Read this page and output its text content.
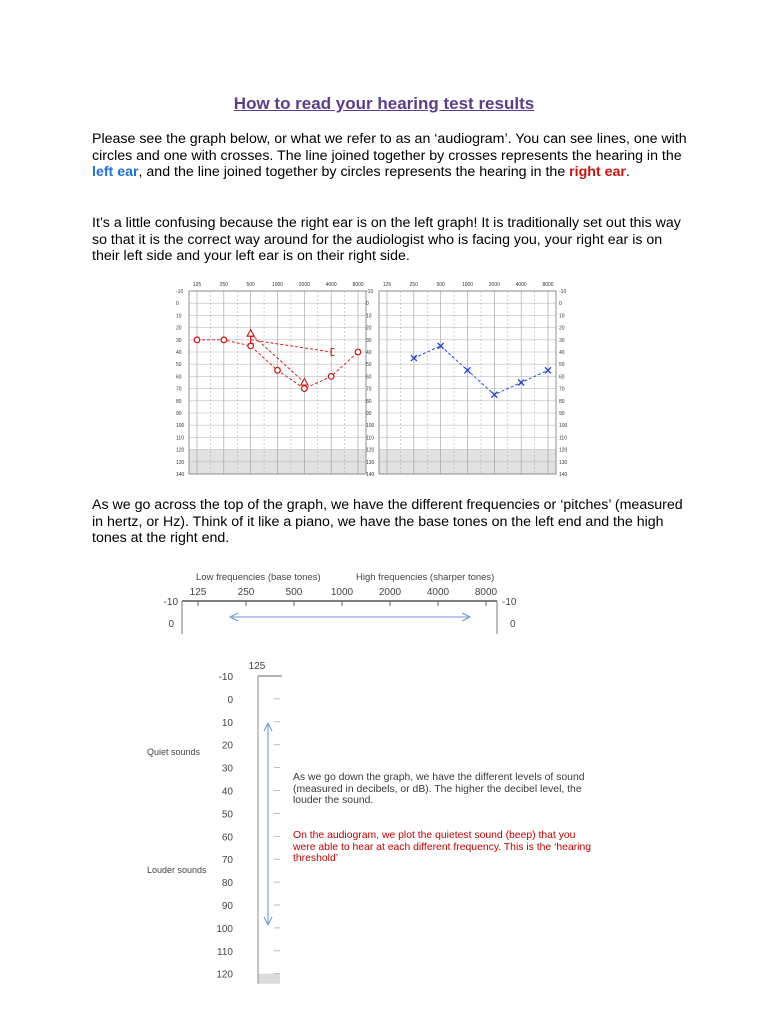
How to read your hearing test results
Please see the graph below, or what we refer to as an ‘audiogram’. You can see lines, one with circles and one with crosses. The line joined together by crosses represents the hearing in the left ear, and the line joined together by circles represents the hearing in the right ear.
It’s a little confusing because the right ear is on the left graph! It is traditionally set out this way so that it is the correct way around for the audiologist who is facing you, your right ear is on their left side and your left ear is on their right side.
-10
0
10
20
30
40
50
60
70
80
90
100
110
120
130
140
125	250	500	1000	2000	4000	8000
-10	-10
0	0
10	10
20	20
30	30
40	40
50	50
60	60
70	70
80	80
90	90
100	100
110	110
120	120
130	130
140	140
125	250	500	1000	2000	4000	8000
As we go across the top of the graph, we have the different frequencies or ‘pitches’ (measured in hertz, or Hz). Think of it like a piano, we have the base tones on the left end and the high tones at the right end.
Low frequencies (base tones)	High frequencies (sharper tones)
125	250	500	1000	2000	4000	8000
-10
0
-10
0
125
-10
0
10
20
30
40
50
60
70
80
90
100
110
120
Quiet sounds
Louder sounds
As we go down the graph, we have the different levels of sound (measured in decibels, or dB). The higher the decibel level, the louder the sound.
On the audiogram, we plot the quietest sound (beep) that you were able to hear at each different frequency. This is the ‘hearing threshold’
